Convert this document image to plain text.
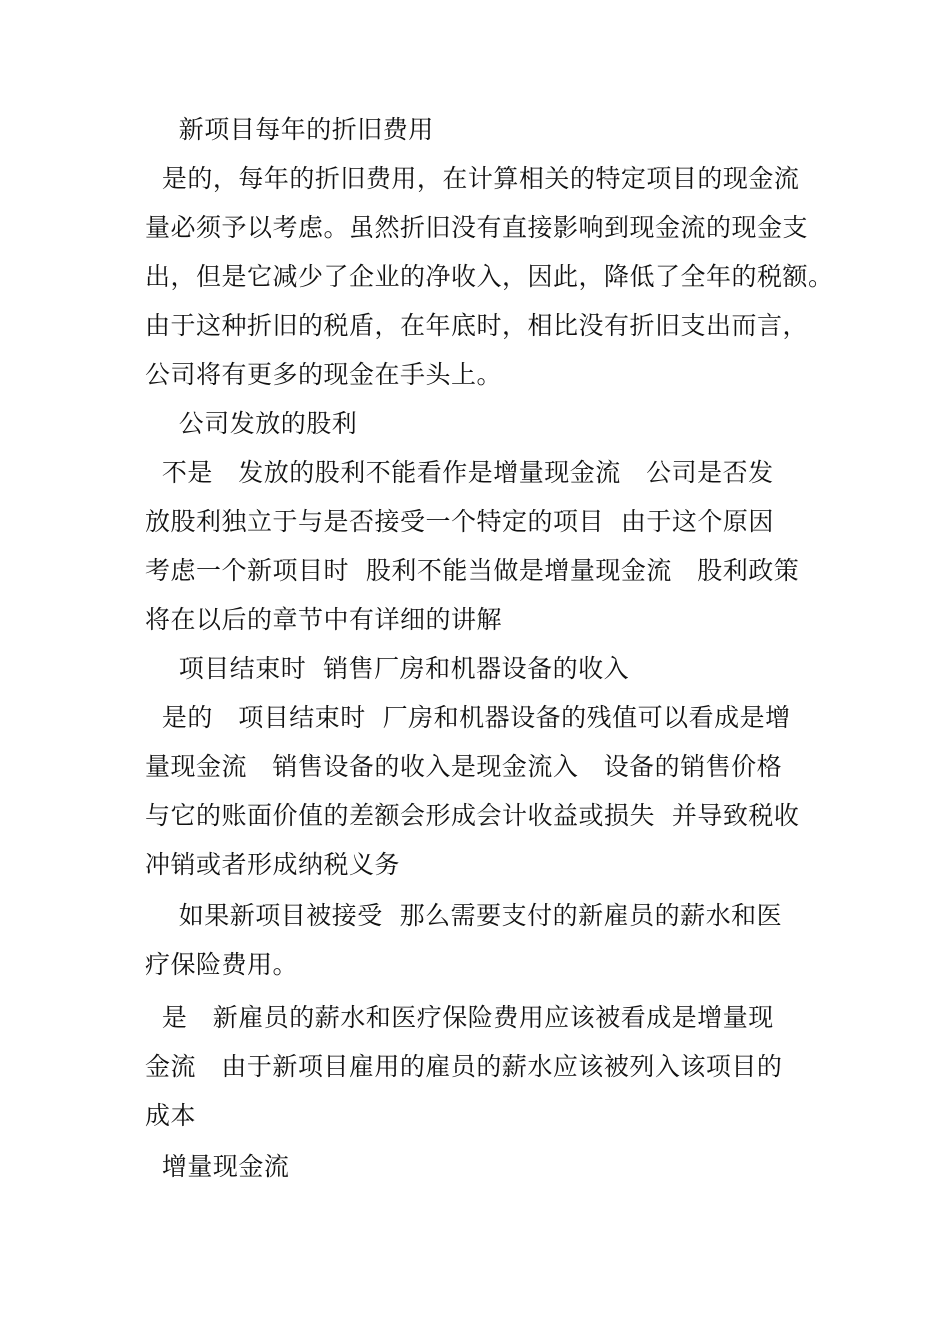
新项目每年的折旧费用
是的，每年的折旧费用，在计算相关的特定项目的现金流
量必须予以考虑。虽然折旧没有直接影响到现金流的现金支
出，但是它减少了企业的净收入，因此，降低了全年的税额。
由于这种折旧的税盾，在年底时，相比没有折旧支出而言，
公司将有更多的现金在手头上。
公司发放的股利
不是   发放的股利不能看作是增量现金流   公司是否发
放股利独立于与是否接受一个特定的项目  由于这个原因
考虑一个新项目时  股利不能当做是增量现金流   股利政策
将在以后的章节中有详细的讲解
项目结束时  销售厂房和机器设备的收入
是的   项目结束时  厂房和机器设备的残值可以看成是增
量现金流   销售设备的收入是现金流入   设备的销售价格
与它的账面价值的差额会形成会计收益或损失  并导致税收
冲销或者形成纳税义务
如果新项目被接受  那么需要支付的新雇员的薪水和医
疗保险费用。
是   新雇员的薪水和医疗保险费用应该被看成是增量现
金流   由于新项目雇用的雇员的薪水应该被列入该项目的
成本
增量现金流
